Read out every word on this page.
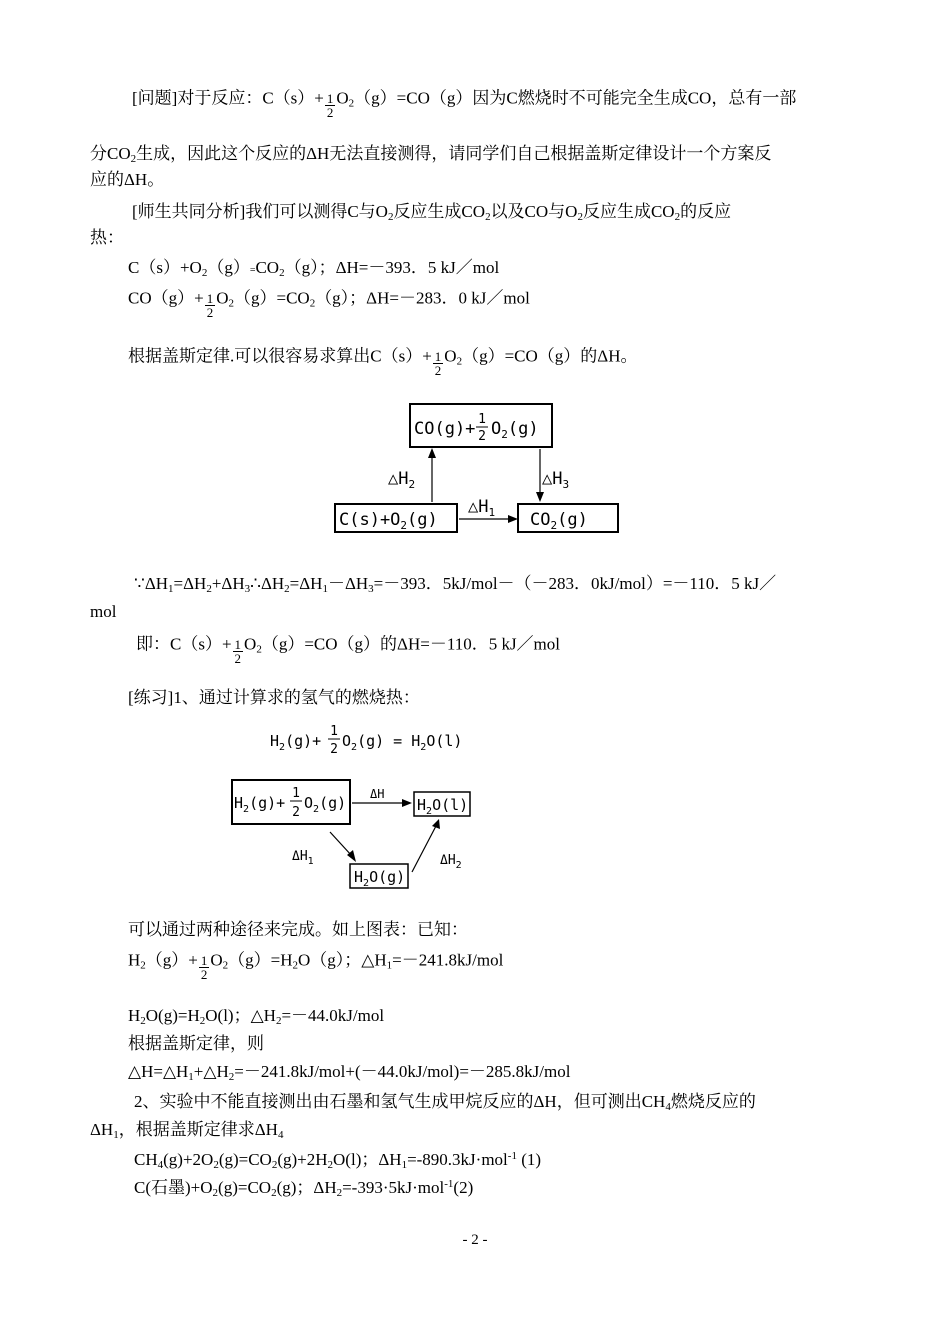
[问题]对于反应：$C(s)+ \frac{1}{2} O_2(g)=CO(g)$因为C燃烧时不可能完全生成CO，总有一部
分$CO_2$生成，因此这个反应的ΔH无法直接测得，请同学们自己根据盖斯定律设计一个方案反
应的ΔH。
[师生共同分析]我们可以测得C与$O_2$反应生成$CO_2$以及CO与$O_2$反应生成$CO_2$的反应
热：
$C(s)+O_2(g)=CO_2(g)$；ΔH=－393．5 kJ／mol
$CO(g)+ \frac{1}{2} O_2(g)=CO_2(g)$；ΔH=－283．0 kJ／mol
根据盖斯定律.可以很容易求算出$C(s)+ \frac{1}{2} O_2(g)=CO(g)$的ΔH。
CO(g)+ 1
2 $O_2(g)$
$C(s)+O_2(g)$	$CO_2(g)$
$\triangle H_2$	$\triangle H_3$
$\triangle H_1$
$\because\Delta H_1=\Delta H_2+\Delta H_3\therefore\Delta H_2=\Delta H_1-\Delta H_3=-393$．5kJ/mol－（－283．0kJ/mol）=－110．5 kJ／
mol
即：$C(s)+ \frac{1}{2} O_2(g)=CO(g)$的ΔH=－110．5 kJ／mol
[练习]1、通过计算求的氢气的燃烧热：
$H_2(g)+$
1
2 $O_2(g) = H_2O(l)$
$H_2(g)+$
1
2
$O_2(g)$	$H_2O(l)$
$H_2O(g)$
ΔH
$\Delta H_1$	$\Delta H_2$
可以通过两种途径来完成。如上图表：已知：
$H_2(g)+ \frac{1}{2} O_2(g)=H_2O(g)$；$\triangle H_1=-241.8kJ$/mol
$H_2O(g)=H_2O(l)$；$\triangle H_2=-44.0kJ$/mol
根据盖斯定律，则
$\triangle H=\triangle H_1+\triangle H_2=-241.8kJ/mol+(-44.0kJ/mol)=-285.8kJ$/mol
2、实验中不能直接测出由石墨和氢气生成甲烷反应的ΔH，但可测出$CH_4$燃烧反应的
$\Delta H_1$，根据盖斯定律求$\Delta H_4$
$CH_4(g)+2O_2(g)=CO_2(g)+2H_2O(l)$；$\Delta H_1=-890.3kJ\cdot mol^{-1}$ (1)
C(石墨)$+O_2(g)=CO_2(g)$；$\Delta H_2=-393\cdot 5kJ\cdot mol^{-1}(2)$
- 2 -
